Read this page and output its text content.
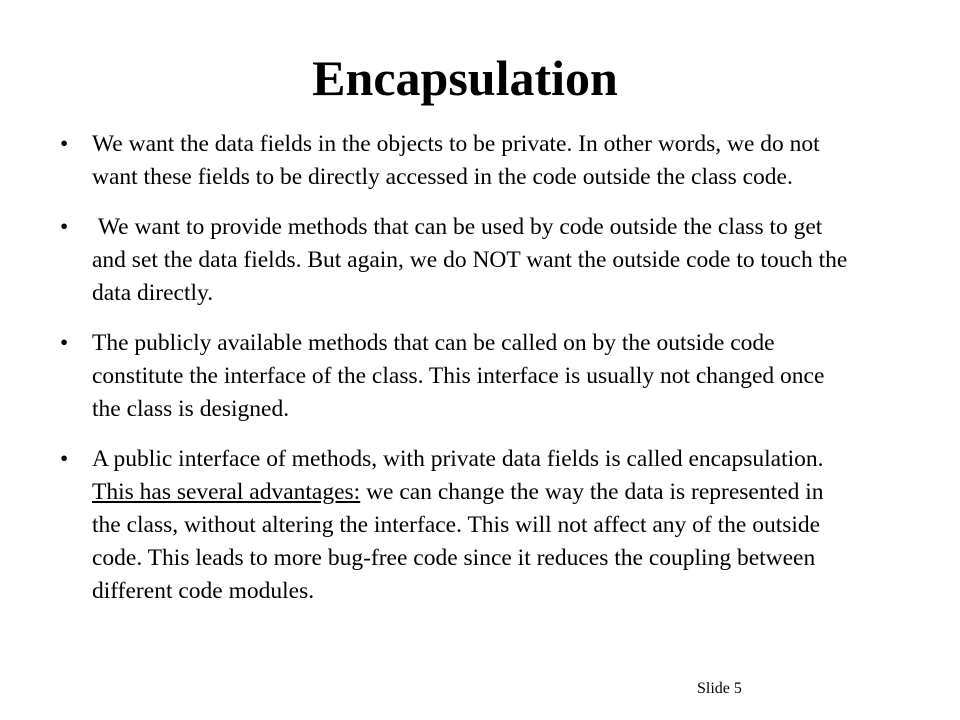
Encapsulation
• We want the data fields in the objects to be private. In other words, we do not want these fields to be directly accessed in the code outside the class code.
• We want to provide methods that can be used by code outside the class to get and set the data fields. But again, we do NOT want the outside code to touch the data directly.
• The publicly available methods that can be called on by the outside code constitute the interface of the class. This interface is usually not changed once the class is designed.
• A public interface of methods, with private data fields is called encapsulation. This has several advantages: we can change the way the data is represented in the class, without altering the interface. This will not affect any of the outside code. This leads to more bug-free code since it reduces the coupling between different code modules.
Slide 5
